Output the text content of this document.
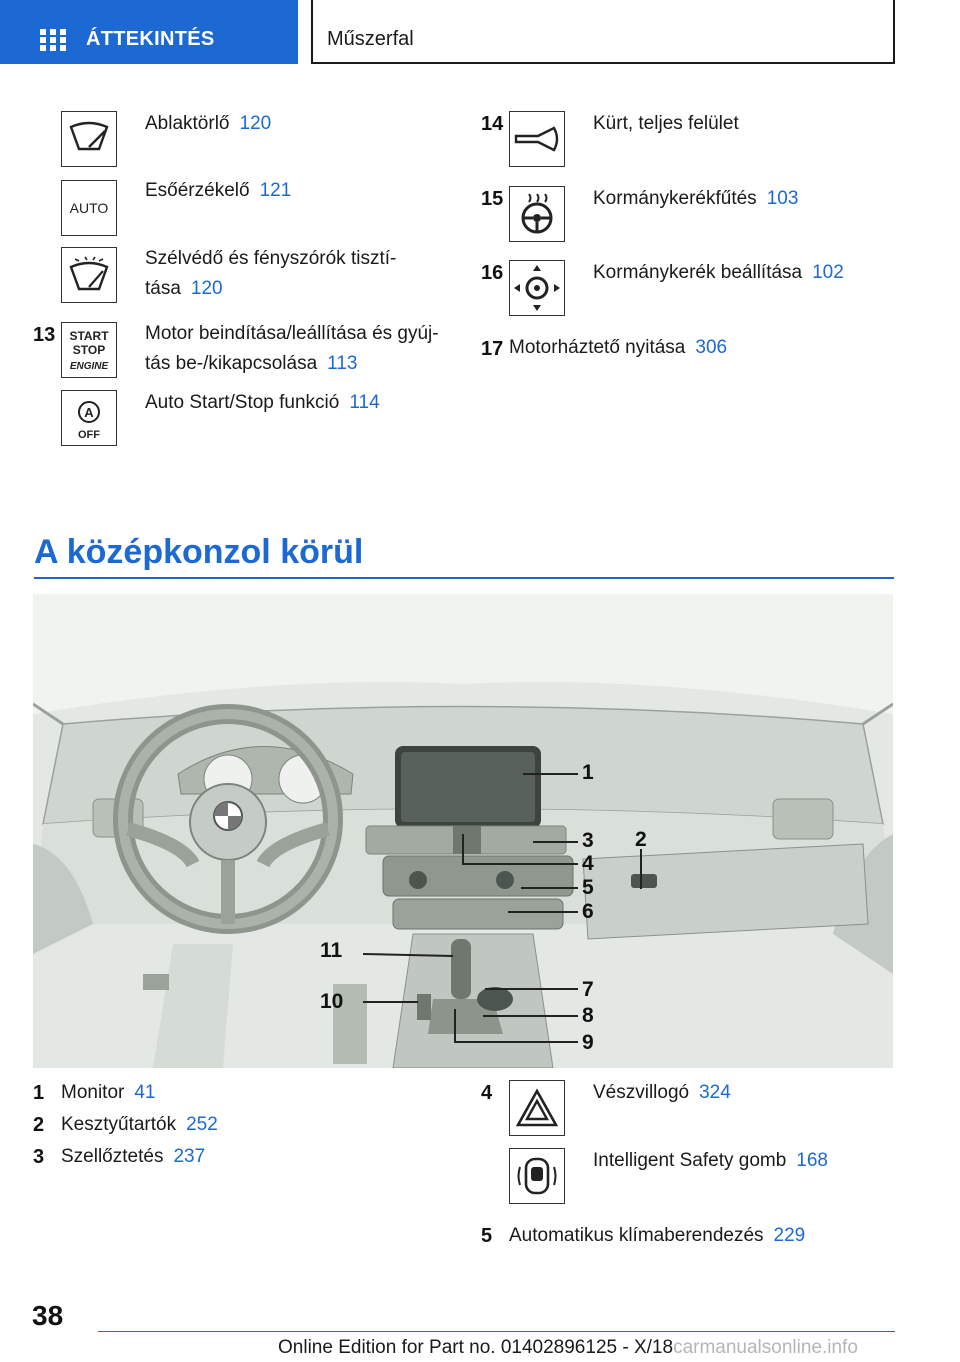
ÁTTEKINTÉS	Műszerfal
Ablaktörlő 120
AUTO
Esőérzékelő 121
Szélvédő és fényszórók tisztí-
tása 120
13 START
STOP
ENGINE
Motor beindítása/leállítása és gyúj-
tás be-/kikapcsolása 113
A
OFF
Auto Start/Stop funkció 114
14	Kürt, teljes felület
15	Kormánykerékfűtés 103
16	Kormánykerék beállítása 102
17 Motorháztető nyitása 306
A középkonzol körül
1
2
3
4
5
6
7
8
9
10
11
1 Monitor 41
2 Kesztyűtartók 252
3 Szellőztetés 237
4	Vészvillogó 324
Intelligent Safety gomb 168
5 Automatikus klímaberendezés 229
38
Online Edition for Part no. 01402896125 - X/18carmanualsonline.info
